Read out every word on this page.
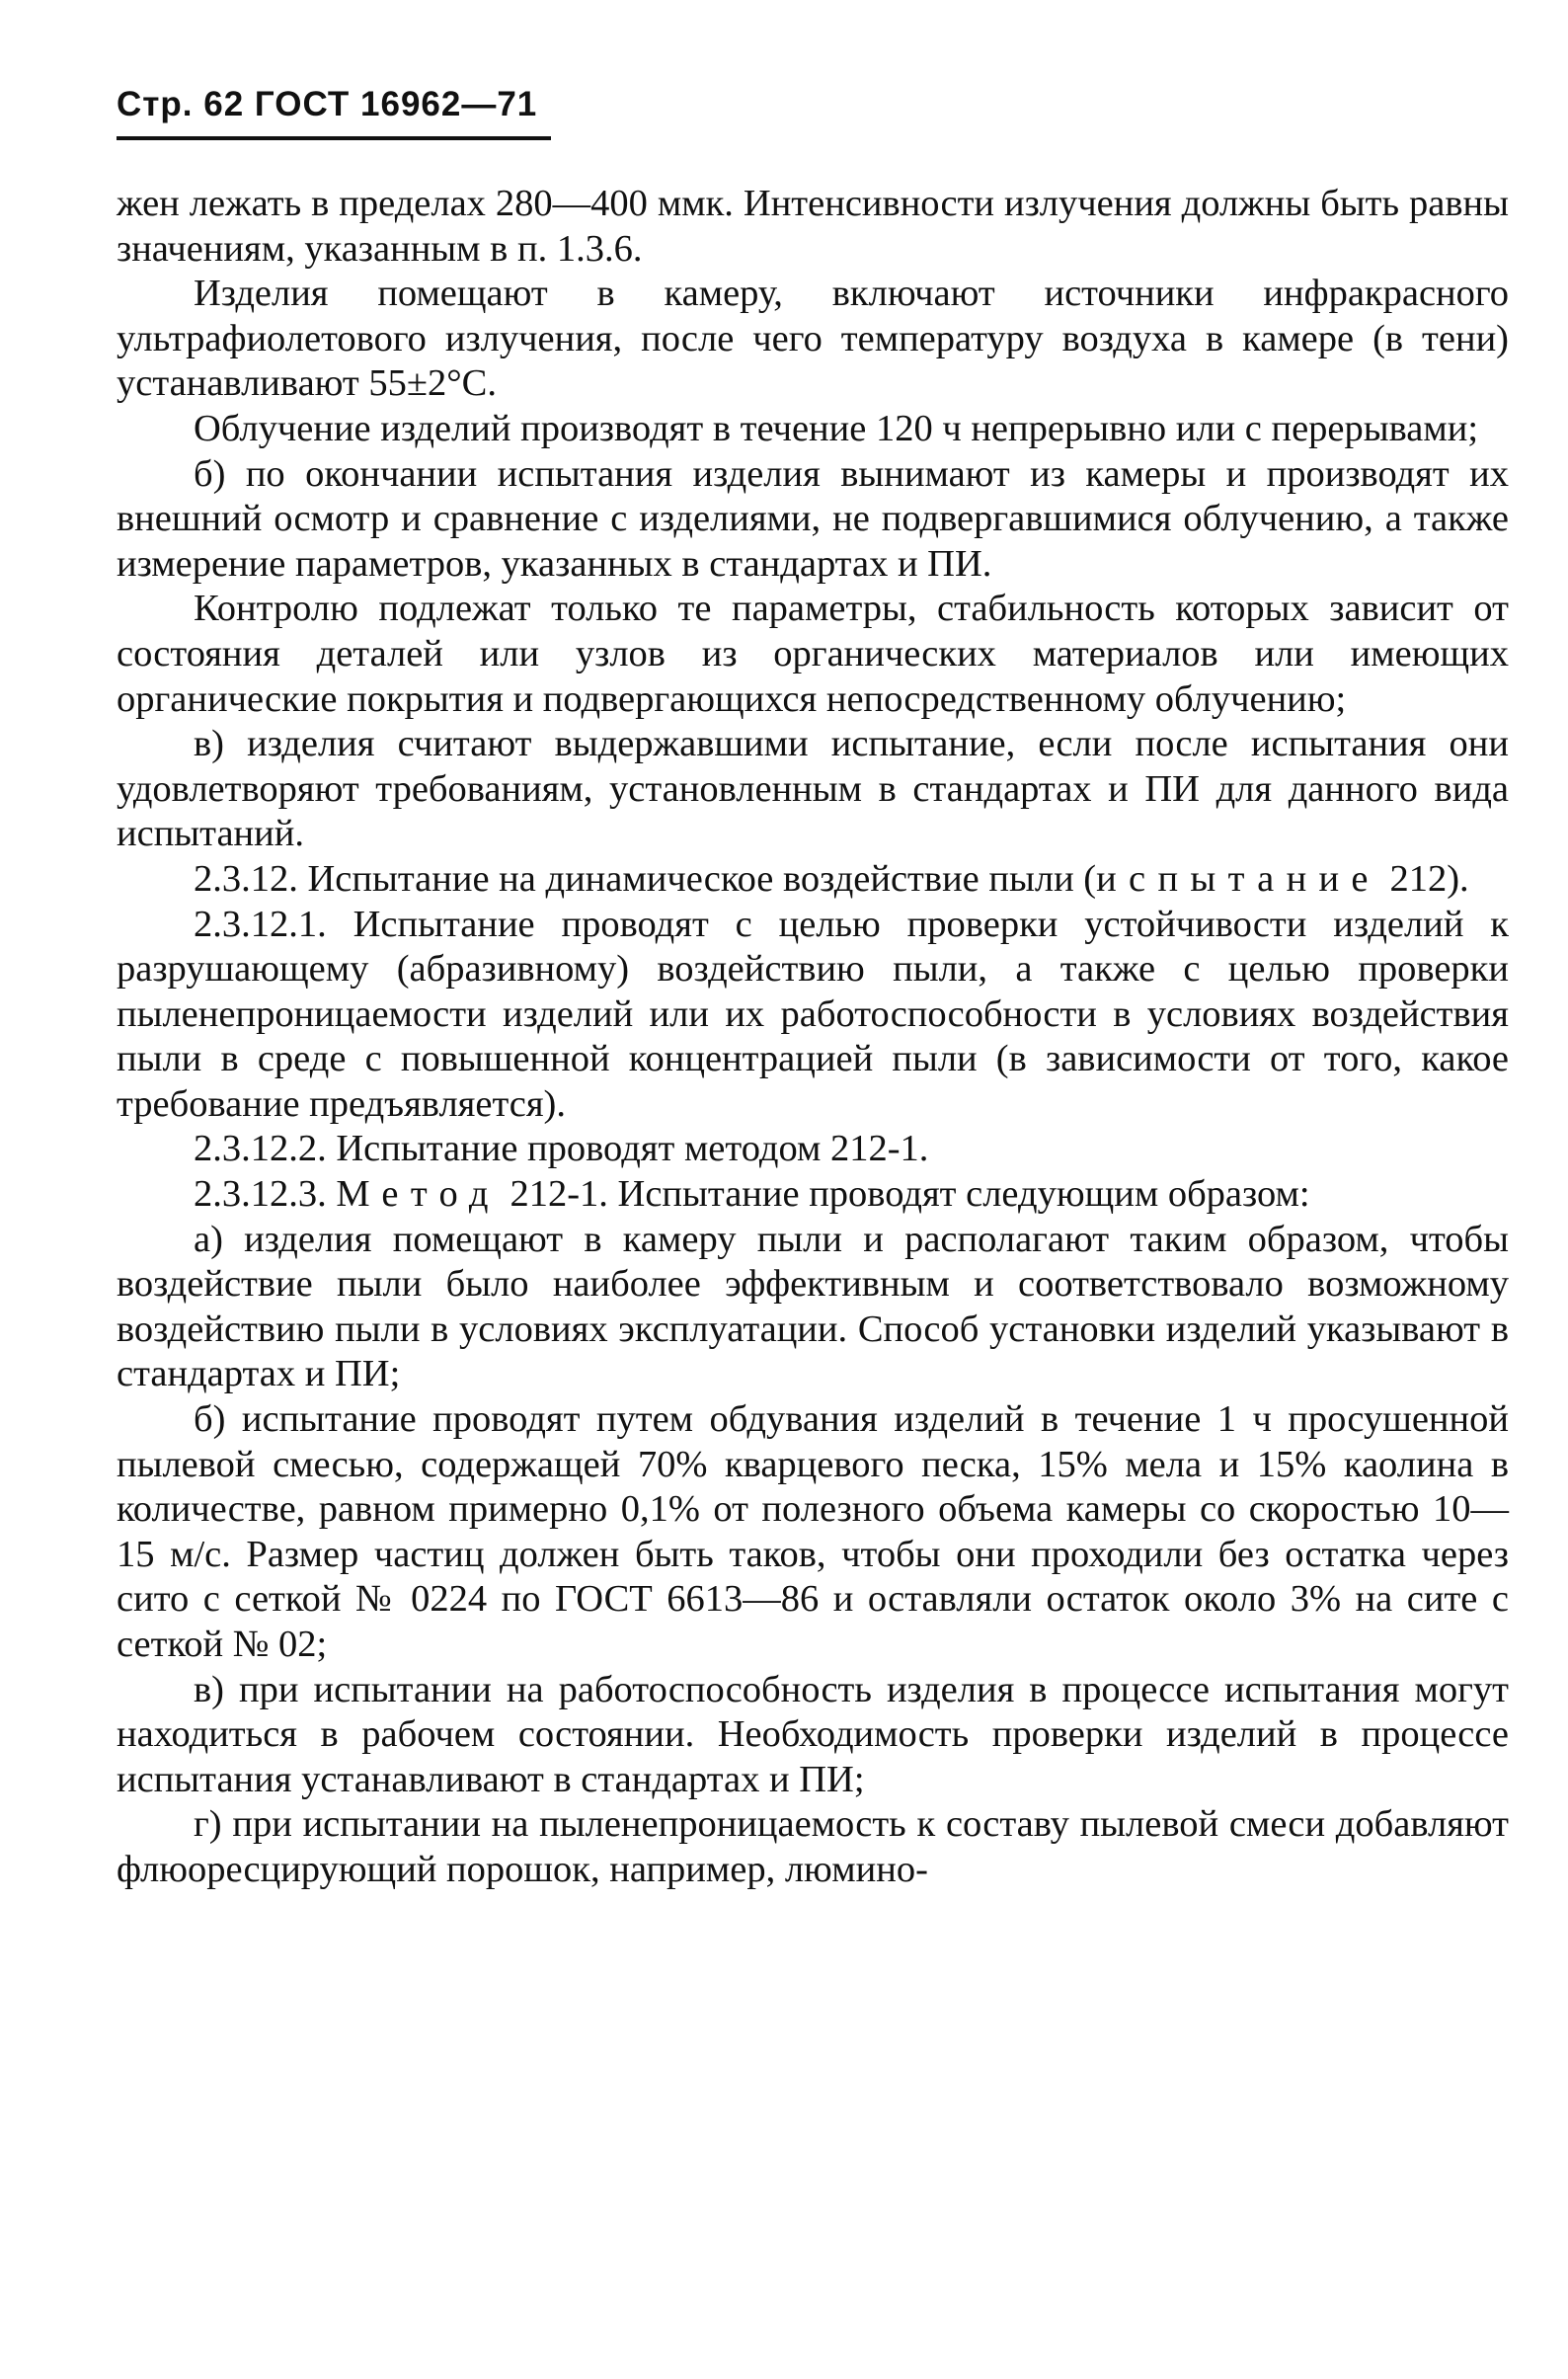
Стр. 62 ГОСТ 16962—71

жен лежать в пределах 280—400 ммк. Интенсивности излучения должны быть равны значениям, указанным в п. 1.3.6.

Изделия помещают в камеру, включают источники инфракрасного ультрафиолетового излучения, после чего температуру воздуха в камере (в тени) устанавливают 55±2°C.

Облучение изделий производят в течение 120 ч непрерывно или с перерывами;

б) по окончании испытания изделия вынимают из камеры и производят их внешний осмотр и сравнение с изделиями, не подвергавшимися облучению, а также измерение параметров, указанных в стандартах и ПИ.

Контролю подлежат только те параметры, стабильность которых зависит от состояния деталей или узлов из органических материалов или имеющих органические покрытия и подвергающихся непосредственному облучению;

в) изделия считают выдержавшими испытание, если после испытания они удовлетворяют требованиям, установленным в стандартах и ПИ для данного вида испытаний.

2.3.12. Испытание на динамическое воздействие пыли (испытание 212).

2.3.12.1. Испытание проводят с целью проверки устойчивости изделий к разрушающему (абразивному) воздействию пыли, а также с целью проверки пыленепроницаемости изделий или их работоспособности в условиях воздействия пыли в среде с повышенной концентрацией пыли (в зависимости от того, какое требование предъявляется).

2.3.12.2. Испытание проводят методом 212-1.

2.3.12.3. Метод 212-1. Испытание проводят следующим образом:

а) изделия помещают в камеру пыли и располагают таким образом, чтобы воздействие пыли было наиболее эффективным и соответствовало возможному воздействию пыли в условиях эксплуатации. Способ установки изделий указывают в стандартах и ПИ;

б) испытание проводят путем обдувания изделий в течение 1 ч просушенной пылевой смесью, содержащей 70% кварцевого песка, 15% мела и 15% каолина в количестве, равном примерно 0,1% от полезного объема камеры со скоростью 10—15 м/с. Размер частиц должен быть таков, чтобы они проходили без остатка через сито с сеткой № 0224 по ГОСТ 6613—86 и оставляли остаток около 3% на сите с сеткой № 02;

в) при испытании на работоспособность изделия в процессе испытания могут находиться в рабочем состоянии. Необходимость проверки изделий в процессе испытания устанавливают в стандартах и ПИ;

г) при испытании на пыленепроницаемость к составу пылевой смеси добавляют флюоресцирующий порошок, например, люмино-
